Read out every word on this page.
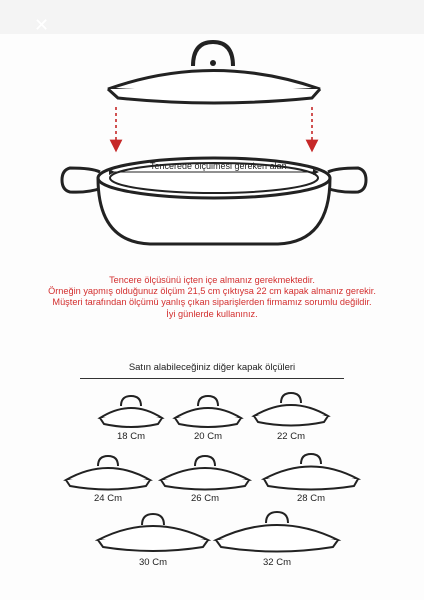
✕
Tencerede ölçülmesi gereken alan
Tencere ölçüsünü içten içe almanız gerekmektedir.
Örneğin yapmış olduğunuz ölçüm 21,5 cm çıktıysa 22 cm kapak almanız gerekir.
Müşteri tarafından ölçümü yanlış çıkan siparişlerden firmamız sorumlu değildir.
İyi günlerde kullanınız.
Satın alabileceğiniz diğer kapak ölçüleri
18 Cm	20 Cm	22 Cm
24 Cm	26 Cm	28 Cm
30 Cm	32 Cm
